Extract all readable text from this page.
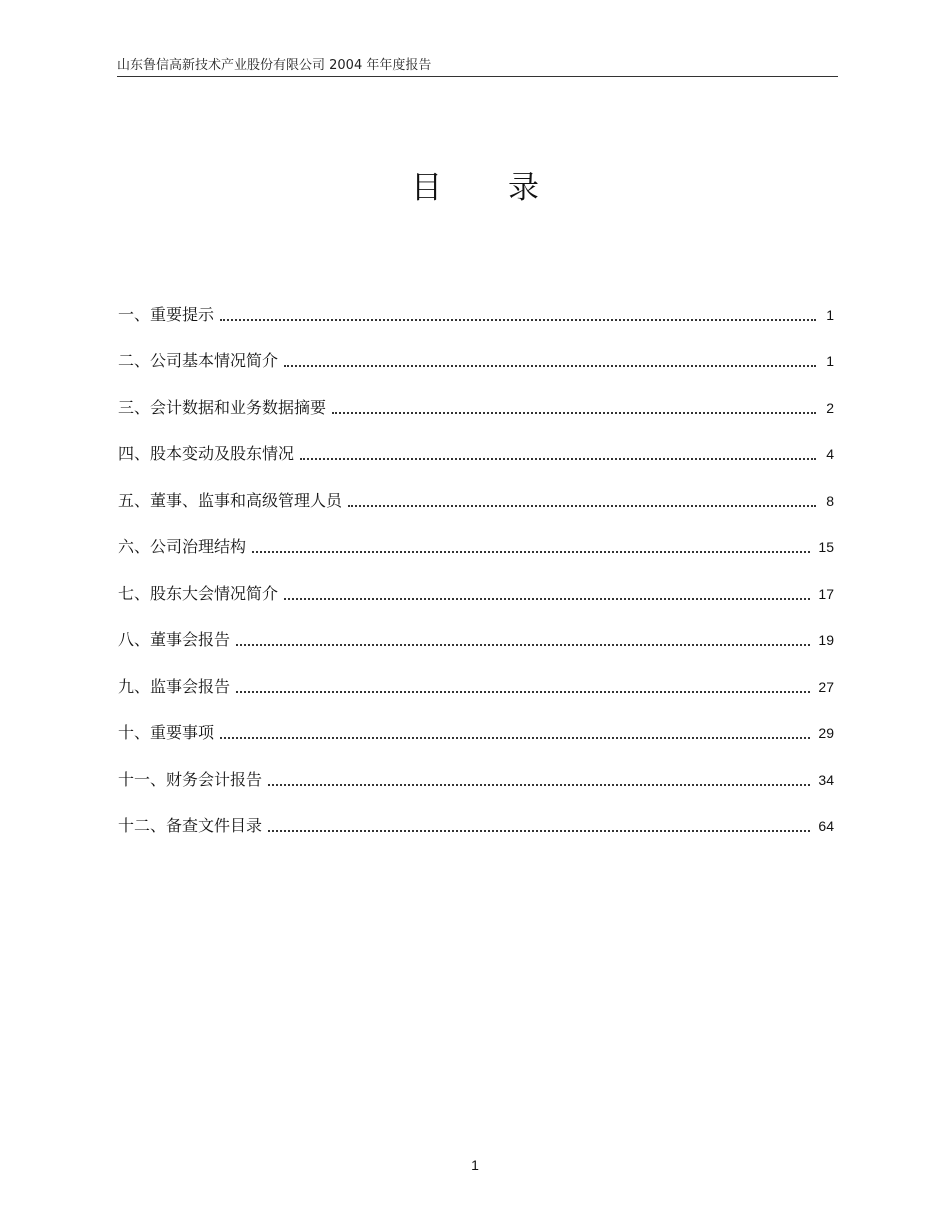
山东鲁信高新技术产业股份有限公司 2004 年年度报告
目录
一、重要提示	1
二、公司基本情况简介	1
三、会计数据和业务数据摘要	2
四、股本变动及股东情况	4
五、董事、监事和高级管理人员	8
六、公司治理结构	15
七、股东大会情况简介	17
八、董事会报告	19
九、监事会报告	27
十、重要事项	29
十一、财务会计报告	34
十二、备查文件目录	64
1
